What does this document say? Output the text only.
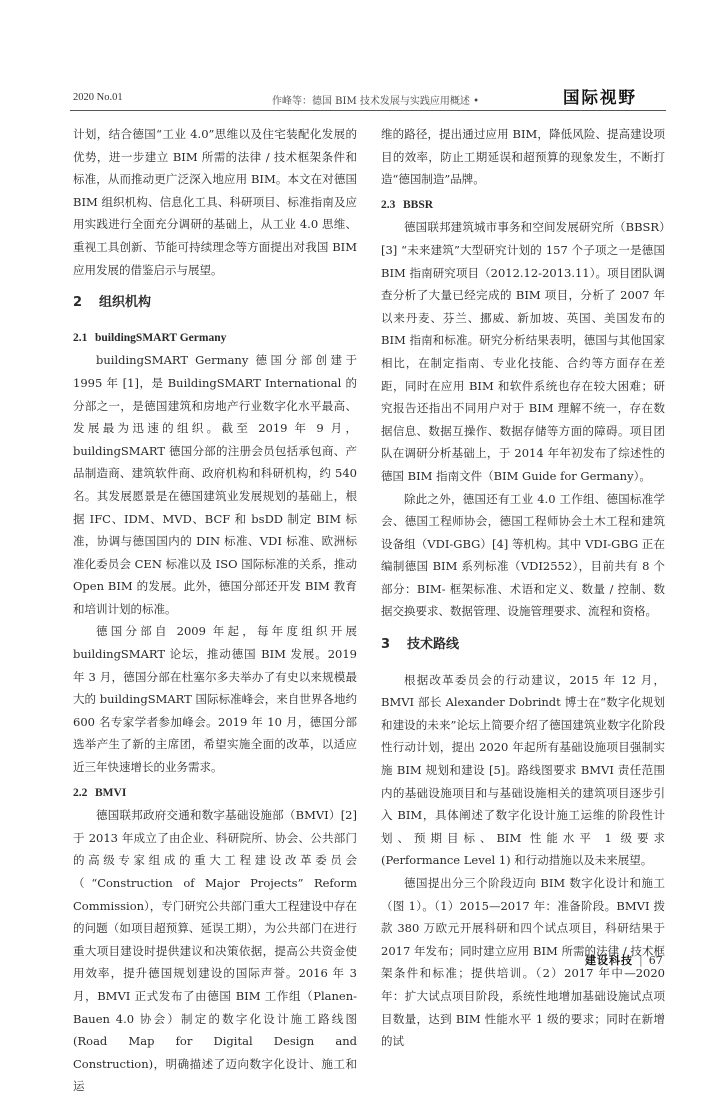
2020 No.01	作峰等：德国 BIM 技术发展与实践应用概述 •	国际视野

计划，结合德国“工业 4.0”思维以及住宅装配化发展的优势，进一步建立 BIM 所需的法律 / 技术框架条件和标准，从而推动更广泛深入地应用 BIM。本文在对德国 BIM 组织机构、信息化工具、科研项目、标准指南及应用实践进行全面充分调研的基础上，从工业 4.0 思维、重视工具创新、节能可持续理念等方面提出对我国 BIM 应用发展的借鉴启示与展望。

2 组织机构
2.1 buildingSMART Germany

buildingSMART Germany 德国分部创建于 1995 年 [1]，是 BuildingSMART International 的分部之一，是德国建筑和房地产行业数字化水平最高、发展最为迅速的组织。截至 2019 年 9 月，buildingSMART 德国分部的注册会员包括承包商、产品制造商、建筑软件商、政府机构和科研机构，约 540 名。其发展愿景是在德国建筑业发展规划的基础上，根据 IFC、IDM、MVD、BCF 和 bsDD 制定 BIM 标准，协调与德国国内的 DIN 标准、VDI 标准、欧洲标准化委员会 CEN 标准以及 ISO 国际标准的关系，推动 Open BIM 的发展。此外，德国分部还开发 BIM 教育和培训计划的标准。

德国分部自 2009 年起，每年度组织开展 buildingSMART 论坛，推动德国 BIM 发展。2019 年 3 月，德国分部在杜塞尔多夫举办了有史以来规模最大的 buildingSMART 国际标准峰会，来自世界各地约 600 名专家学者参加峰会。2019 年 10 月，德国分部选举产生了新的主席团，希望实施全面的改革，以适应近三年快速增长的业务需求。

2.2 BMVI

德国联邦政府交通和数字基础设施部（BMVI）[2] 于 2013 年成立了由企业、科研院所、协会、公共部门的高级专家组成的重大工程建设改革委员会（“Construction of Major Projects” Reform Commission），专门研究公共部门重大工程建设中存在的问题（如项目超预算、延误工期），为公共部门在进行重大项目建设时提供建议和决策依据，提高公共资金使用效率，提升德国规划建设的国际声誉。2016 年 3 月，BMVI 正式发布了由德国 BIM 工作组（Planen-Bauen 4.0 协会）制定的数字化设计施工路线图 (Road Map for Digital Design and Construction)，明确描述了迈向数字化设计、施工和运

维的路径，提出通过应用 BIM，降低风险、提高建设项目的效率，防止工期延误和超预算的现象发生，不断打造“德国制造”品牌。

2.3 BBSR

德国联邦建筑城市事务和空间发展研究所（BBSR）[3] “未来建筑”大型研究计划的 157 个子项之一是德国 BIM 指南研究项目（2012.12-2013.11）。项目团队调查分析了大量已经完成的 BIM 项目，分析了 2007 年以来丹麦、芬兰、挪威、新加坡、英国、美国发布的 BIM 指南和标准。研究分析结果表明，德国与其他国家相比，在制定指南、专业化技能、合约等方面存在差距，同时在应用 BIM 和软件系统也存在较大困难；研究报告还指出不同用户对于 BIM 理解不统一，存在数据信息、数据互操作、数据存储等方面的障碍。项目团队在调研分析基础上，于 2014 年年初发布了综述性的德国 BIM 指南文件（BIM Guide for Germany）。

除此之外，德国还有工业 4.0 工作组、德国标准学会、德国工程师协会，德国工程师协会土木工程和建筑设备组（VDI-GBG）[4] 等机构。其中 VDI-GBG 正在编制德国 BIM 系列标准（VDI2552），目前共有 8 个部分：BIM- 框架标准、术语和定义、数量 / 控制、数据交换要求、数据管理、设施管理要求、流程和资格。

3 技术路线

根据改革委员会的行动建议，2015 年 12 月，BMVI 部长 Alexander Dobrindt 博士在“数字化规划和建设的未来”论坛上简要介绍了德国建筑业数字化阶段性行动计划，提出 2020 年起所有基础设施项目强制实施 BIM 规划和建设 [5]。路线图要求 BMVI 责任范围内的基础设施项目和与基础设施相关的建筑项目逐步引入 BIM，具体阐述了数字化设计施工运维的阶段性计划、预期目标、BIM 性能水平 1 级要求 (Performance Level 1) 和行动措施以及未来展望。

德国提出分三个阶段迈向 BIM 数字化设计和施工（图 1）。（1）2015—2017 年：准备阶段。BMVI 拨款 380 万欧元开展科研和四个试点项目，科研结果于 2017 年发布；同时建立应用 BIM 所需的法律 / 技术框架条件和标准；提供培训。（2）2017 年中—2020 年：扩大试点项目阶段，系统性地增加基础设施试点项目数量，达到 BIM 性能水平 1 级的要求；同时在新增的试

建设科技 | 67
